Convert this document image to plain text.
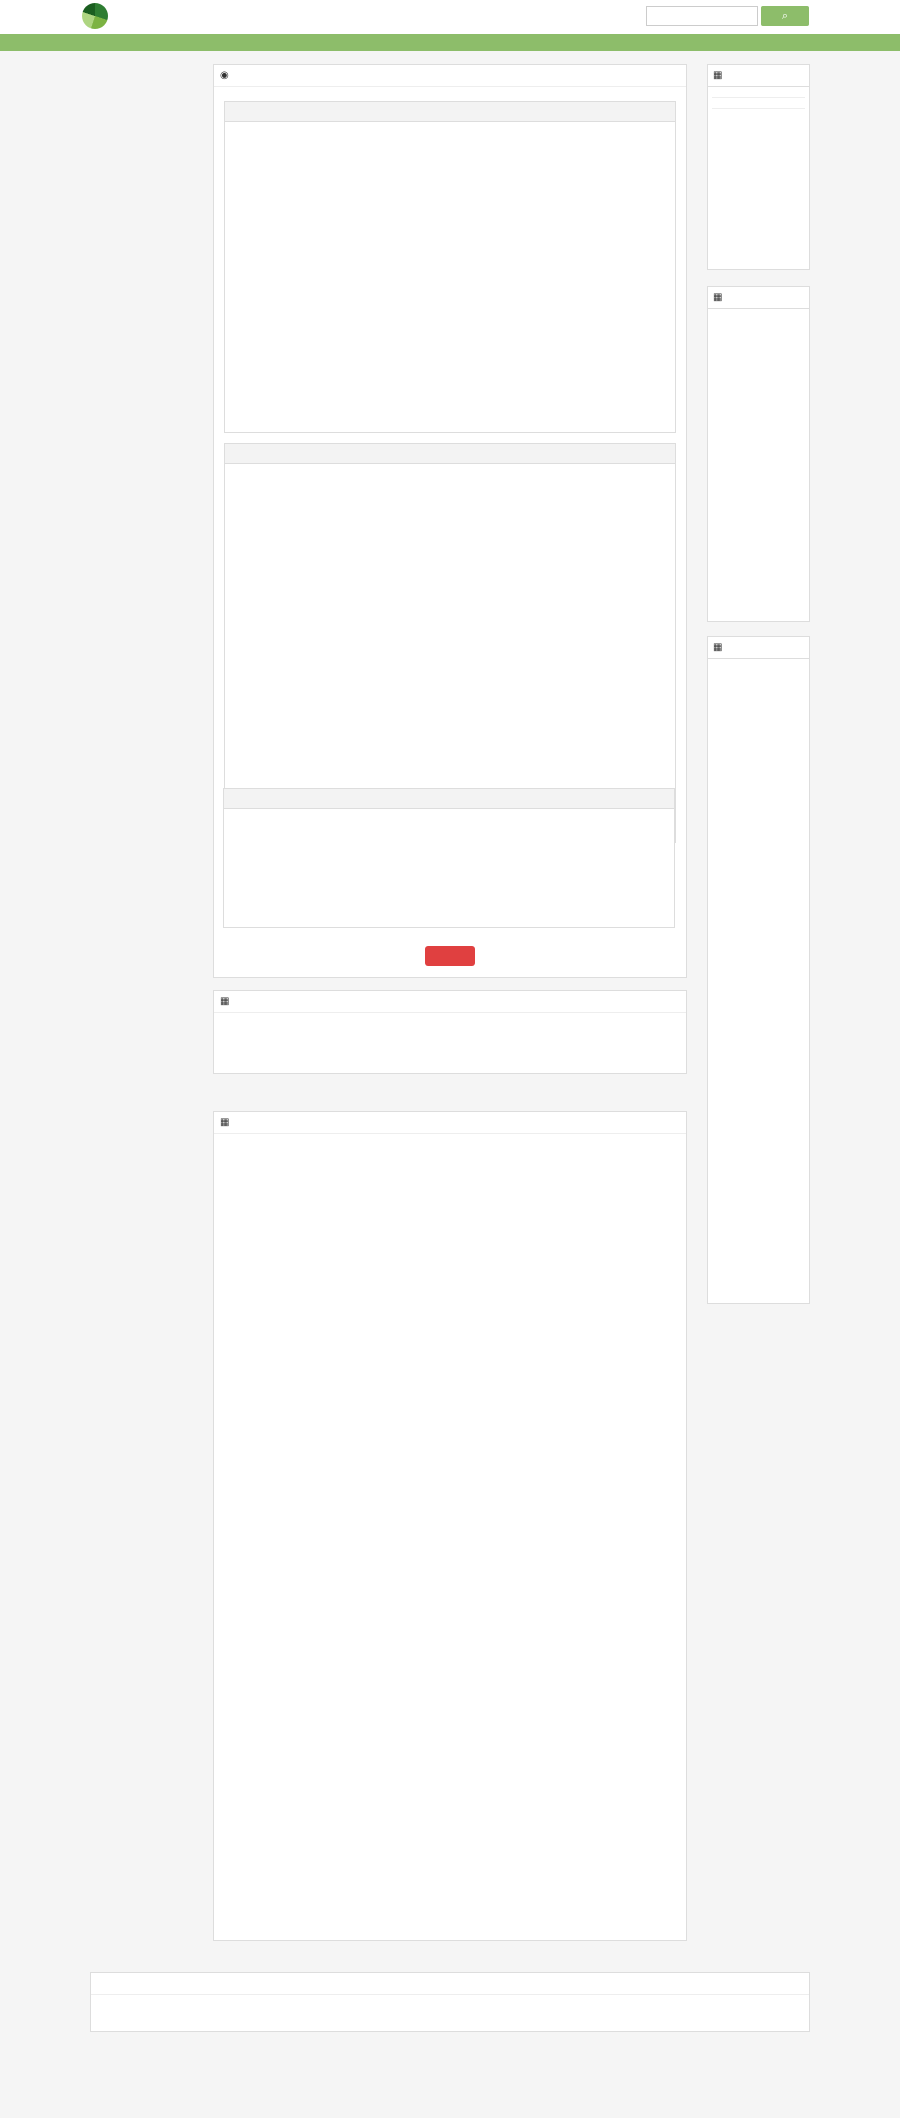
⌕
◉
▦
▦
▦
▦
▦
